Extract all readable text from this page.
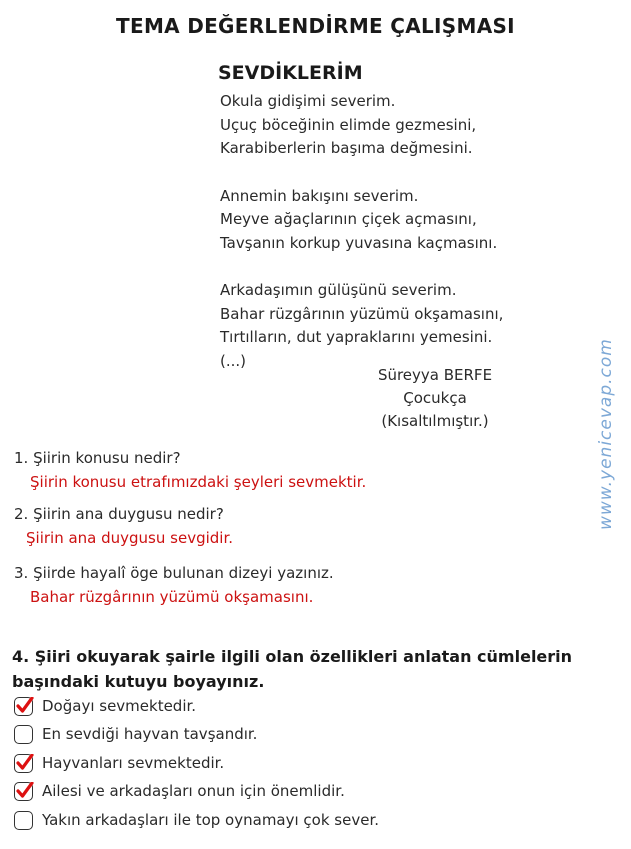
TEMA DEĞERLENDİRME ÇALIŞMASI
SEVDİKLERİM
Okula gidişimi severim.
Uçuç böceğinin elimde gezmesini,
Karabiberlerin başıma değmesini.
Annemin bakışını severim.
Meyve ağaçlarının çiçek açmasını,
Tavşanın korkup yuvasına kaçmasını.
Arkadaşımın gülüşünü severim.
Bahar rüzgârının yüzümü okşamasını,
Tırtılların, dut yapraklarını yemesini.
(...)
Süreyya BERFE
Çocukça
(Kısaltılmıştır.)
1. Şiirin konusu nedir?
Şiirin konusu etrafımızdaki şeyleri sevmektir.
2. Şiirin ana duygusu nedir?
Şiirin ana duygusu sevgidir.
3. Şiirde hayalî öge bulunan dizeyi yazınız.
Bahar rüzgârının yüzümü okşamasını.
4. Şiiri okuyarak şairle ilgili olan özellikleri anlatan cümlelerin başındaki kutuyu boyayınız.
Doğayı sevmektedir.
En sevdiği hayvan tavşandır.
Hayvanları sevmektedir.
Ailesi ve arkadaşları onun için önemlidir.
Yakın arkadaşları ile top oynamayı çok sever.
www.yenicevap.com
